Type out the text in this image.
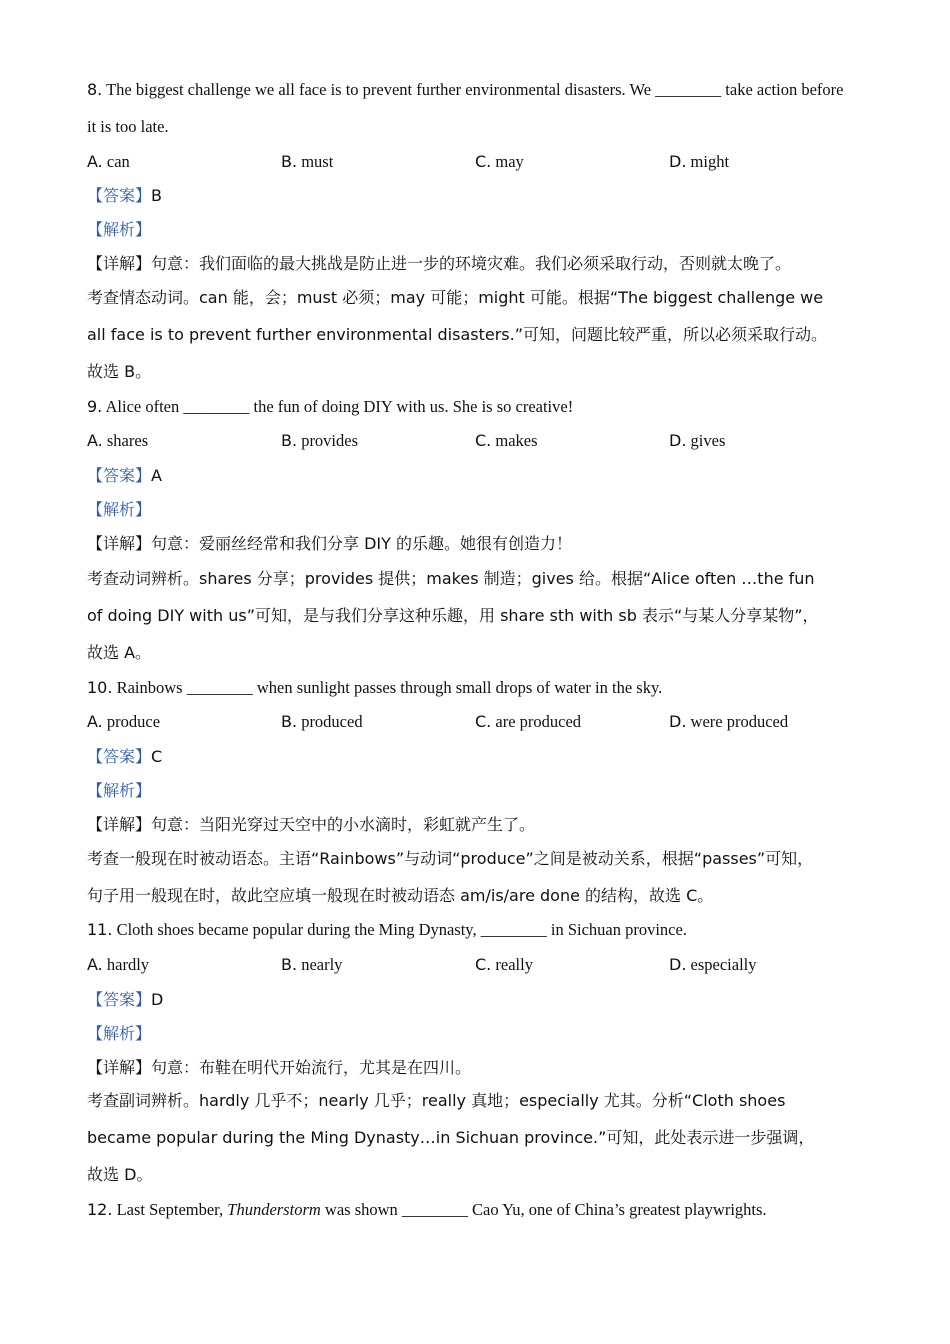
8. The biggest challenge we all face is to prevent further environmental disasters. We ________ take action before
it is too late.
A. can	B. must	C. may	D. might
【答案】B
【解析】
【详解】句意：我们面临的最大挑战是防止进一步的环境灾难。我们必须采取行动，否则就太晚了。
考查情态动词。can 能，会；must 必须；may 可能；might 可能。根据“The biggest challenge we
all face is to prevent further environmental disasters.”可知，问题比较严重，所以必须采取行动。
故选 B。
9. Alice often ________ the fun of doing DIY with us. She is so creative!
A. shares	B. provides	C. makes	D. gives
【答案】A
【解析】
【详解】句意：爱丽丝经常和我们分享 DIY 的乐趣。她很有创造力！
考查动词辨析。shares 分享；provides 提供；makes 制造；gives 给。根据“Alice often …the fun
of doing DIY with us”可知，是与我们分享这种乐趣，用 share sth with sb 表示“与某人分享某物”，
故选 A。
10. Rainbows ________ when sunlight passes through small drops of water in the sky.
A. produce	B. produced	C. are produced	D. were produced
【答案】C
【解析】
【详解】句意：当阳光穿过天空中的小水滴时，彩虹就产生了。
考查一般现在时被动语态。主语“Rainbows”与动词“produce”之间是被动关系，根据“passes”可知，
句子用一般现在时，故此空应填一般现在时被动语态 am/is/are done 的结构，故选 C。
11. Cloth shoes became popular during the Ming Dynasty, ________ in Sichuan province.
A. hardly	B. nearly	C. really	D. especially
【答案】D
【解析】
【详解】句意：布鞋在明代开始流行，尤其是在四川。
考查副词辨析。hardly 几乎不；nearly 几乎；really 真地；especially 尤其。分析“Cloth shoes
became popular during the Ming Dynasty…in Sichuan province.”可知，此处表示进一步强调，
故选 D。
12. Last September, Thunderstorm was shown ________ Cao Yu, one of China’s greatest playwrights.
